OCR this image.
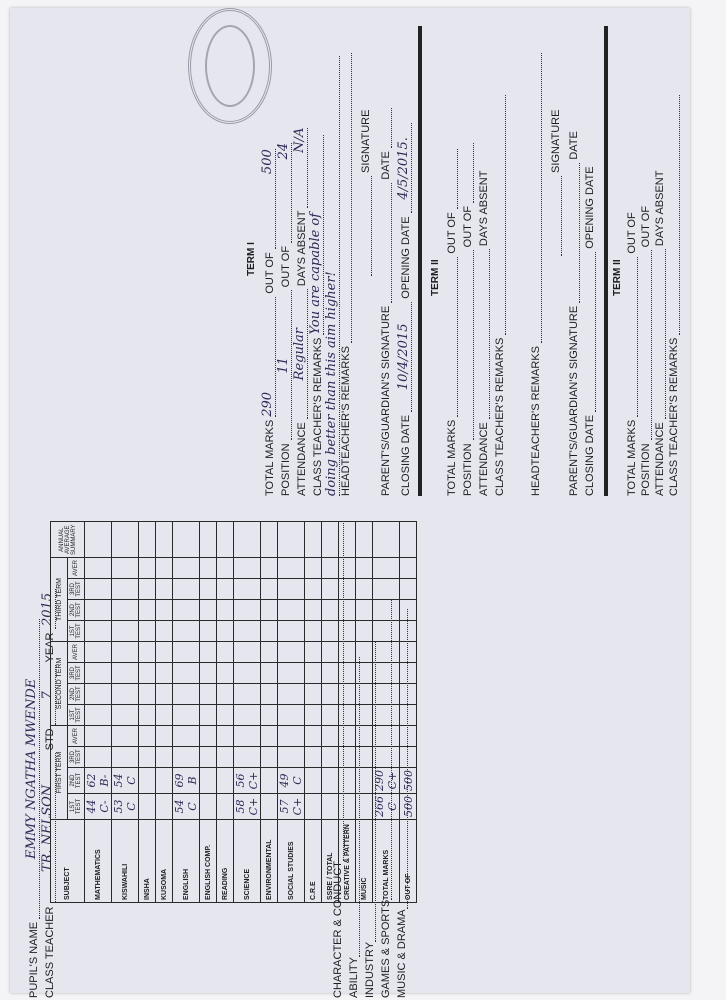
TERM I
TOTAL MARKS 290 OUT OF 500
POSITION 11 OUT OF 24
ATTENDANCE Regular DAYS ABSENT N/A
CLASS TEACHER'S REMARKS You are capable of doing better than this aim higher! HEADTEACHER'S REMARKS
SIGNATURE
PARENT'S/GUARDIAN'S SIGNATURE  DATE
CLOSING DATE 10/4/2015 OPENING DATE 4/5/2015.
TERM II
TOTAL MARKS  OUT OF
POSITION  OUT OF
ATTENDANCE  DAYS ABSENT
CLASS TEACHER'S REMARKS HEADTEACHER'S REMARKS
SIGNATURE
PARENT'S/GUARDIAN'S SIGNATURE  DATE
CLOSING DATE  OPENING DATE
TERM II
TOTAL MARKS  OUT OF
POSITION  OUT OF
ATTENDANCE  DAYS ABSENT
CLASS TEACHER'S REMARKS
PUPIL'S NAME EMMY NGATHA MWENDE
CLASS TEACHER TR. NELSON STD 7 YEAR 2015
SUBJECT	FIRST TERM				SECOND TERM				THIRD TERM				ANNUAL AVERAGE SUMMARY
	1ST TEST	2ND TEST	3RD TEST	AVER	1ST TEST	2ND TEST	3RD TEST	AVER	1ST TEST	2ND TEST	3RD TEST	AVER	
MATHEMATICS	44 C-	62 B-											
KISWAHILI	53 C	54 C											
INSHA													
KUSOMA													
ENGLISH	54 C	69 B											
ENGLISH COMP.													
READING													
SCIENCE	58 C+	56 C+											
ENVIRONMENTAL													
SOCIAL STUDIES	57 C+	49 C											
C.R.E													
SSRE / TOTAL													
CREATIVE & PATTERN													
MUSIC													
TOTAL MARKS	266 C	290 C+											
OUT OF	500	500											
CHARACTER & CONDUCT ABILITY INDUSTRY GAMES & SPORTS MUSIC & DRAMA
